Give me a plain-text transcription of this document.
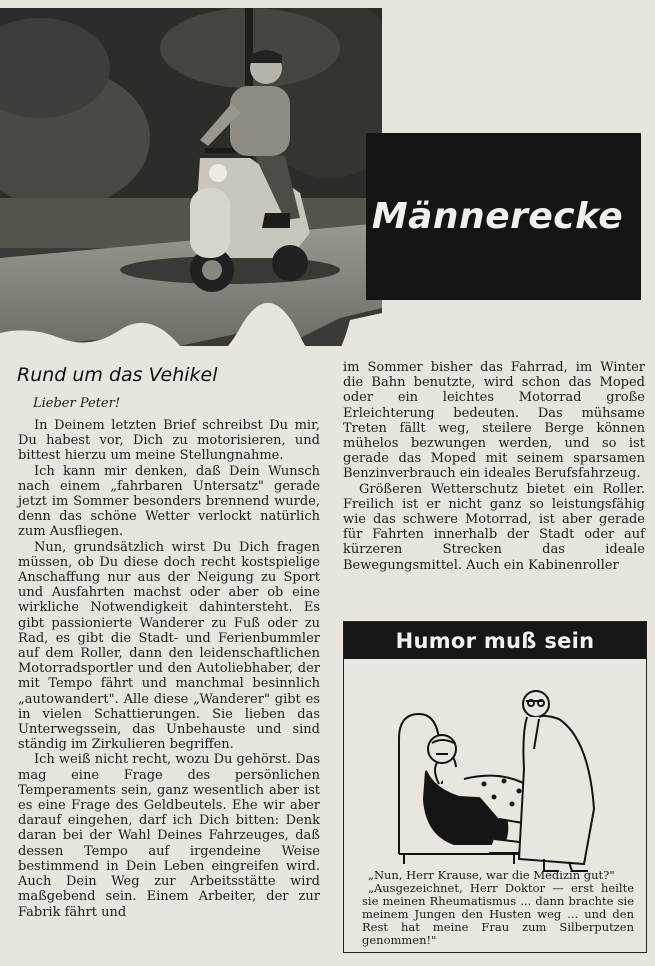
Männerecke
Rund um das Vehikel
Lieber Peter!

In Deinem letzten Brief schreibst Du mir, Du habest vor, Dich zu motorisieren, und bittest hierzu um meine Stellungnahme.

Ich kann mir denken, daß Dein Wunsch nach einem „fahrbaren Untersatz" gerade jetzt im Sommer besonders brennend wurde, denn das schöne Wetter verlockt natürlich zum Ausfliegen.

Nun, grundsätzlich wirst Du Dich fragen müssen, ob Du diese doch recht kostspielige Anschaffung nur aus der Neigung zu Sport und Ausfahrten machst oder aber ob eine wirkliche Notwendigkeit dahintersteht. Es gibt passionierte Wanderer zu Fuß oder zu Rad, es gibt die Stadt- und Ferienbummler auf dem Roller, dann den leidenschaftlichen Motorradsportler und den Autoliebhaber, der mit Tempo fährt und manchmal besinnlich „autowandert". Alle diese „Wanderer" gibt es in vielen Schattierungen. Sie lieben das Unterwegssein, das Unbehauste und sind ständig im Zirkulieren begriffen.

Ich weiß nicht recht, wozu Du gehörst. Das mag eine Frage des persönlichen Temperaments sein, ganz wesentlich aber ist es eine Frage des Geldbeutels. Ehe wir aber darauf eingehen, darf ich Dich bitten: Denk daran bei der Wahl Deines Fahrzeuges, daß dessen Tempo auf irgendeine Weise bestimmend in Dein Leben eingreifen wird. Auch Dein Weg zur Arbeitsstätte wird maßgebend sein. Einem Arbeiter, der zur Fabrik fährt und

im Sommer bisher das Fahrrad, im Winter die Bahn benutzte, wird schon das Moped oder ein leichtes Motorrad große Erleichterung bedeuten. Das mühsame Treten fällt weg, steilere Berge können mühelos bezwungen werden, und so ist gerade das Moped mit seinem sparsamen Benzinverbrauch ein ideales Berufsfahrzeug.

Größeren Wetterschutz bietet ein Roller. Freilich ist er nicht ganz so leistungsfähig wie das schwere Motorrad, ist aber gerade für Fahrten innerhalb der Stadt oder auf kürzeren Strecken das ideale Bewegungsmittel. Auch ein Kabinenroller

Humor muß sein

„Nun, Herr Krause, war die Medizin gut?"

„Ausgezeichnet, Herr Doktor — erst heilte sie meinen Rheumatismus ... dann brachte sie meinem Jungen den Husten weg ... und den Rest hat meine Frau zum Silberputzen genommen!"
